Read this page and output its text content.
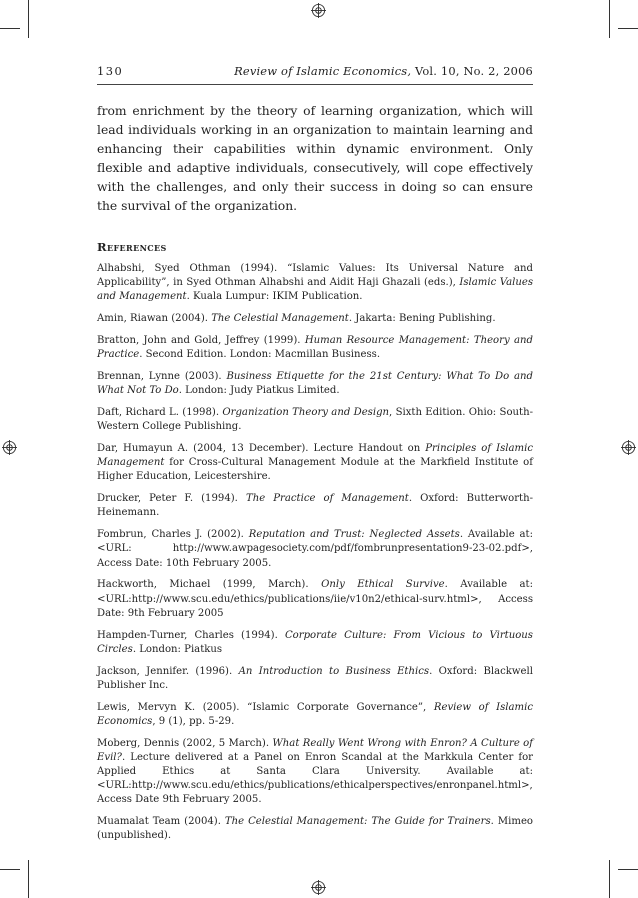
130	Review of Islamic Economics, Vol. 10, No. 2, 2006
from enrichment by the theory of learning organization, which will lead individuals working in an organization to maintain learning and enhancing their capabilities within dynamic environment. Only flexible and adaptive individuals, consecutively, will cope effectively with the challenges, and only their success in doing so can ensure the survival of the organization.
References
Alhabshi, Syed Othman (1994). “Islamic Values: Its Universal Nature and Applicability”, in Syed Othman Alhabshi and Aidit Haji Ghazali (eds.), Islamic Values and Management. Kuala Lumpur: IKIM Publication.
Amin, Riawan (2004). The Celestial Management. Jakarta: Bening Publishing.
Bratton, John and Gold, Jeffrey (1999). Human Resource Management: Theory and Practice. Second Edition. London: Macmillan Business.
Brennan, Lynne (2003). Business Etiquette for the 21st Century: What To Do and What Not To Do. London: Judy Piatkus Limited.
Daft, Richard L. (1998). Organization Theory and Design, Sixth Edition. Ohio: South-Western College Publishing.
Dar, Humayun A. (2004, 13 December). Lecture Handout on Principles of Islamic Management for Cross-Cultural Management Module at the Markfield Institute of Higher Education, Leicestershire.
Drucker, Peter F. (1994). The Practice of Management. Oxford: Butterworth-Heinemann.
Fombrun, Charles J. (2002). Reputation and Trust: Neglected Assets. Available at: <URL: http://www.awpagesociety.com/pdf/fombrunpresentation9-23-02.pdf>, Access Date: 10th February 2005.
Hackworth, Michael (1999, March). Only Ethical Survive. Available at: <URL:http://www.scu.edu/ethics/publications/iie/v10n2/ethical-surv.html>, Access Date: 9th February 2005
Hampden-Turner, Charles (1994). Corporate Culture: From Vicious to Virtuous Circles. London: Piatkus
Jackson, Jennifer. (1996). An Introduction to Business Ethics. Oxford: Blackwell Publisher Inc.
Lewis, Mervyn K. (2005). “Islamic Corporate Governance”, Review of Islamic Economics, 9 (1), pp. 5-29.
Moberg, Dennis (2002, 5 March). What Really Went Wrong with Enron? A Culture of Evil?. Lecture delivered at a Panel on Enron Scandal at the Markkula Center for Applied Ethics at Santa Clara University. Available at: <URL:http://www.scu.edu/ethics/publications/ethicalperspectives/enronpanel.html>, Access Date 9th February 2005.
Muamalat Team (2004). The Celestial Management: The Guide for Trainers. Mimeo (unpublished).
